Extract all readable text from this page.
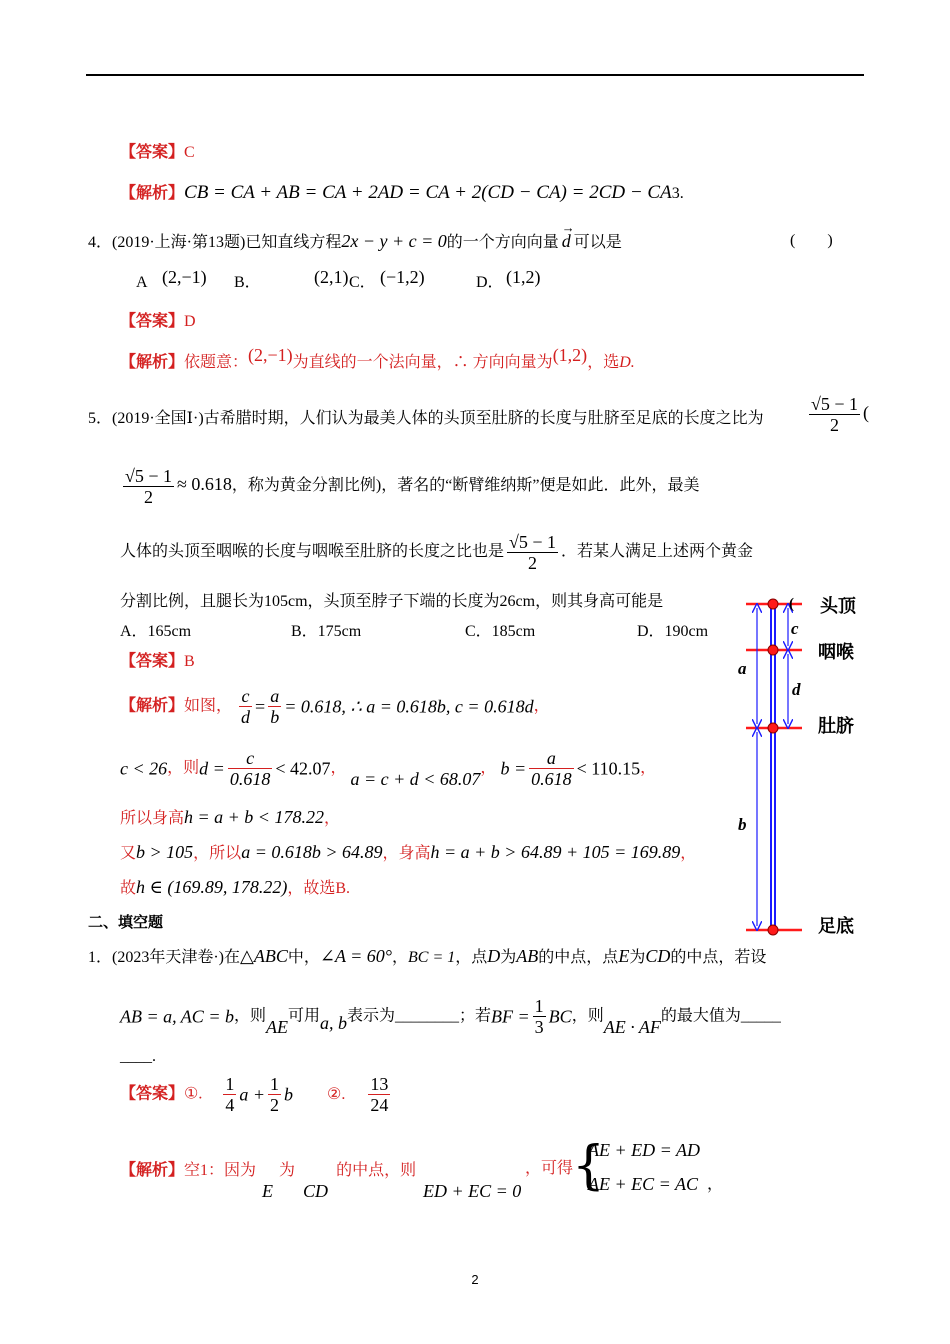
【答案】C
【解析】CB = CA + AB = CA + 2AD = CA + 2(CD − CA) = 2CD − CA3.
4．(2019·上海·第13题)已知直线方程2x − y + c = 0的一个方向向量
→
d 可以是	(　　)
A (2,−1) B．	(2,1) C． (−1,2)	D． (1,2)
【答案】D
【解析】依题意：(2,−1)为直线的一个法向量，∴ 方向向量为(1,2)，选D.
5．(2019·全国Ⅰ·)古希腊时期，人们认为最美人体的头顶至肚脐的长度与肚脐至足底的长度之比为	$\frac{√5 - 1}{2}$ (
$\frac{√5 - 1}{2} \approx 0.618$，称为黄金分割比例)，著名的“断臂维纳斯”便是如此．此外，最美
人体的头顶至咽喉的长度与咽喉至肚脐的长度之比也是 $\frac{√5 - 1}{2}$ ．若某人满足上述两个黄金
分割比例，且腿长为105cm，头顶至脖子下端的长度为26cm，则其身高可能是
A．165cm	B．175cm	C．185cm	D．190cm
【答案】B
【解析】如图， $\frac{c}{d} = \frac{a}{b} = 0.618$, ∴ a = 0.618b, c = 0.618d，
c < 26，则$d = \frac{c}{0.618} < 42.07$， a = c + d < 68.07， $b = \frac{a}{0.618} < 110.15$，
所以身高h = a + b < 178.22，
又b > 105，所以a = 0.618b > 64.89，身高h = a + b > 64.89 + 105 = 169.89，
故h ∈ (169.89, 178.22)，故选B.
头顶
咽喉
肚脐
足底
(
c
d
a
b
二、填空题
1．(2023年天津卷·)在△ABC中，∠A = 60°，BC = 1，点D为AB的中点，点E为CD的中点，若设
AB = a, AC = b，则AE可用a, b表示为________；若BF = $\frac{1}{3}$ BC，则AE · AF的最大值为_____
____.
【答案】①. $\frac{1}{4}$ $a + \frac{1}{2}$ b ②. $\frac{13}{24}$
【解析】空1：因为E为CD的中点，则
ED + EC = 0
，可得
{
AE + ED = AD
AE + EC = AC ，
2
